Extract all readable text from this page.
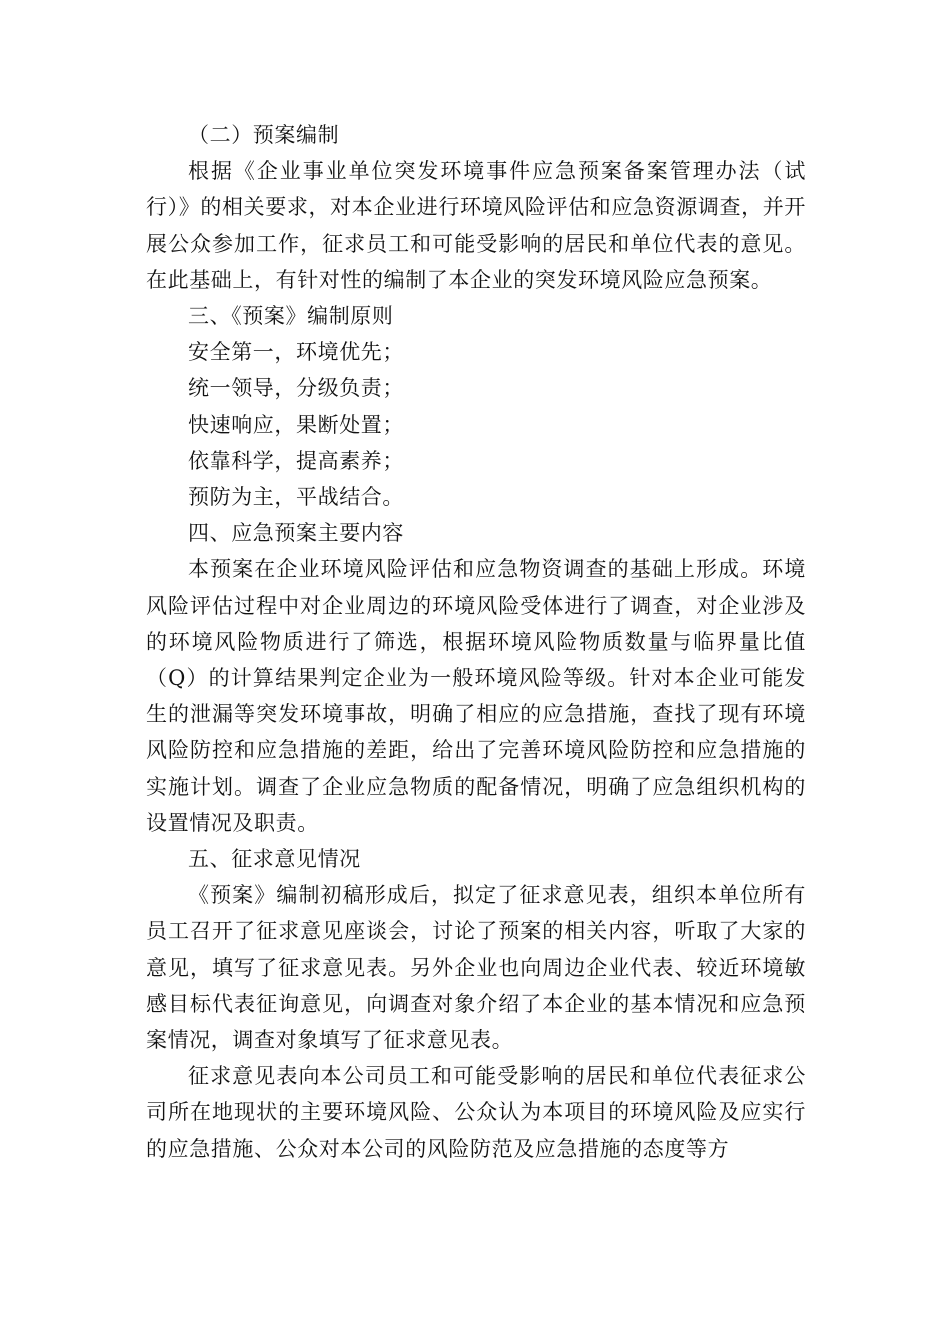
（二）预案编制

根据《企业事业单位突发环境事件应急预案备案管理办法（试行）》的相关要求，对本企业进行环境风险评估和应急资源调查，并开展公众参加工作，征求员工和可能受影响的居民和单位代表的意见。在此基础上，有针对性的编制了本企业的突发环境风险应急预案。

三、《预案》编制原则

安全第一，环境优先；

统一领导，分级负责；

快速响应，果断处置；

依靠科学，提高素养；

预防为主，平战结合。

四、应急预案主要内容

本预案在企业环境风险评估和应急物资调查的基础上形成。环境风险评估过程中对企业周边的环境风险受体进行了调查，对企业涉及的环境风险物质进行了筛选，根据环境风险物质数量与临界量比值（Q）的计算结果判定企业为一般环境风险等级。针对本企业可能发生的泄漏等突发环境事故，明确了相应的应急措施，查找了现有环境风险防控和应急措施的差距，给出了完善环境风险防控和应急措施的实施计划。调查了企业应急物质的配备情况，明确了应急组织机构的设置情况及职责。

五、征求意见情况

《预案》编制初稿形成后，拟定了征求意见表，组织本单位所有员工召开了征求意见座谈会，讨论了预案的相关内容，听取了大家的意见，填写了征求意见表。另外企业也向周边企业代表、较近环境敏感目标代表征询意见，向调查对象介绍了本企业的基本情况和应急预案情况，调查对象填写了征求意见表。

征求意见表向本公司员工和可能受影响的居民和单位代表征求公司所在地现状的主要环境风险、公众认为本项目的环境风险及应实行的应急措施、公众对本公司的风险防范及应急措施的态度等方
